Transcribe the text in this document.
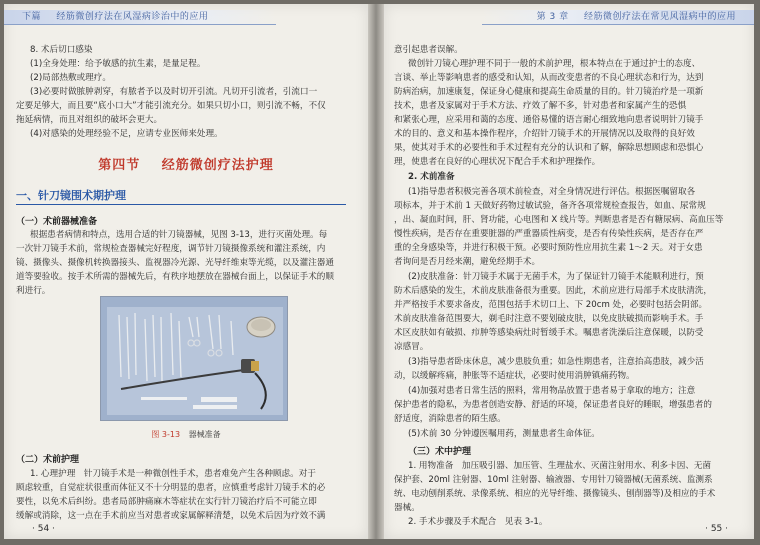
下篇 经筋微创疗法在风湿病诊治中的应用
8. 术后切口感染
(1)全身处理：给予敏感的抗生素，是量足程。
(2)局部热敷或理疗。
(3)必要时做脓肿剥穿，有脓者予以及时切开引流。凡切开引流者，引流口一
定要足够大，而且要“底小口大”才能引流充分。如果只切小口，则引流不畅，不仅
拖延病情，而且对组织的破坏会更大。
(4)对感染的处理经验不足，应请专业医师来处理。
第四节 经筋微创疗法护理
一、针刀镜围术期护理
（一）术前器械准备
根据患者病情和特点，选用合适的针刀镜器械，见图 3-13，进行灭菌处理。每
一次针刀镜手术前，常规检查器械完好程度，调节针刀镜摄像系统和灌注系统，内
镜、摄像头、摄像机转换器接头、监视器冷光源、光导纤维束等光缆，以及灌注器通
道等要验收。按手术所需的器械先后，有秩序地摆放在器械台面上，以保证手术的顺
利进行。
图 3-13 器械准备
（二）术前护理
1. 心理护理　针刀镜手术是一种微创性手术，患者难免产生各种顾虑。对于
顾虑较重，自觉症状很重而体征又不十分明显的患者，应慎重考虑针刀镜手术的必
要性，以免术后纠纷。患者局部肿痛麻木等症状在实行针刀镜治疗后不可能立即
缓解或消除，这一点在手术前应当对患者或家属解释清楚，以免术后因为疗效不满
· 54 ·
第 3 章 经筋微创疗法在常见风湿病中的应用
意引起患者误解。
微创针刀镜心理护理不同于一般的术前护理，根本特点在于通过护士的态度、
言谈、举止等影响患者的感受和认知，从而改变患者的不良心理状态和行为，达到
防病治病，加速康复，保证身心健康和提高生命质量的目的。针刀镜治疗是一项新
技术，患者及家属对于手术方法、疗效了解不多，针对患者和家属产生的恐惧
和紧张心理，应采用和蔼的态度、通俗易懂的语言耐心细致地向患者说明针刀镜手
术的目的、意义和基本操作程序，介绍针刀镜手术的开展情况以及取得的良好效
果，使其对手术的必要性和手术过程有充分的认识和了解，解除思想顾虑和恐惧心
理，使患者在良好的心理状况下配合手术和护理操作。
2. 术前准备
(1)指导患者积极完善各项术前检查，对全身情况进行评估。根据医嘱留取各
项标本，并于术前 1 天做好药物过敏试验，备齐各项常规检查报告，如血、尿常规
，出、凝血时间，肝、肾功能，心电图和 X 线片等。判断患者是否有糖尿病、高血压等
慢性疾病，是否存在重要脏器的严重器质性病变，是否有传染性疾病，是否存在严
重的全身感染等，并进行积极干预。必要时预防性应用抗生素 1～2 天。对于女患
者询问是否月经来潮，避免经期手术。
(2)皮肤准备：针刀镜手术属于无菌手术，为了保证针刀镜手术能顺利进行，预
防术后感染的发生，术前皮肤准备很为重要。因此，术前应进行局部手术皮肤清洗，
并严格按手术要求备皮，范围包括手术切口上、下 20cm 处，必要时包括会阴部。
术前皮肤准备范围要大，剃毛时注意不要划破皮肤，以免皮肤破损而影响手术。手
术区皮肤如有破损、疖肿等感染病灶时暂缓手术。嘱患者洗澡后注意保暖，以防受
凉感冒。
(3)指导患者卧床休息，减少患肢负重；如急性期患者，注意抬高患肢，减少活
动，以缓解疼痛，肿胀等不适症状，必要时使用消肿镇痛药物。
(4)加强对患者日常生活的照料，常用物品放置于患者易于拿取的地方；注意
保护患者的隐私，为患者创造安静、舒适的环境，保证患者良好的睡眠，增强患者的
舒适度，消除患者的陌生感。
(5)术前 30 分钟遵医嘱用药，测量患者生命体征。
（三）术中护理
1. 用物准备　加压吸引器、加压管、生理盐水、灭菌注射用水、利多卡因、无菌
保护套、20ml 注射器、10ml 注射器、输液器、专用针刀镜器械(无菌系统、监测系
统、电动刨削系统、录像系统、相应的光导纤维、摄像镜头、刨削器等)及相应的手术
器械。
2. 手术步骤及手术配合　见表 3-1。
· 55 ·
